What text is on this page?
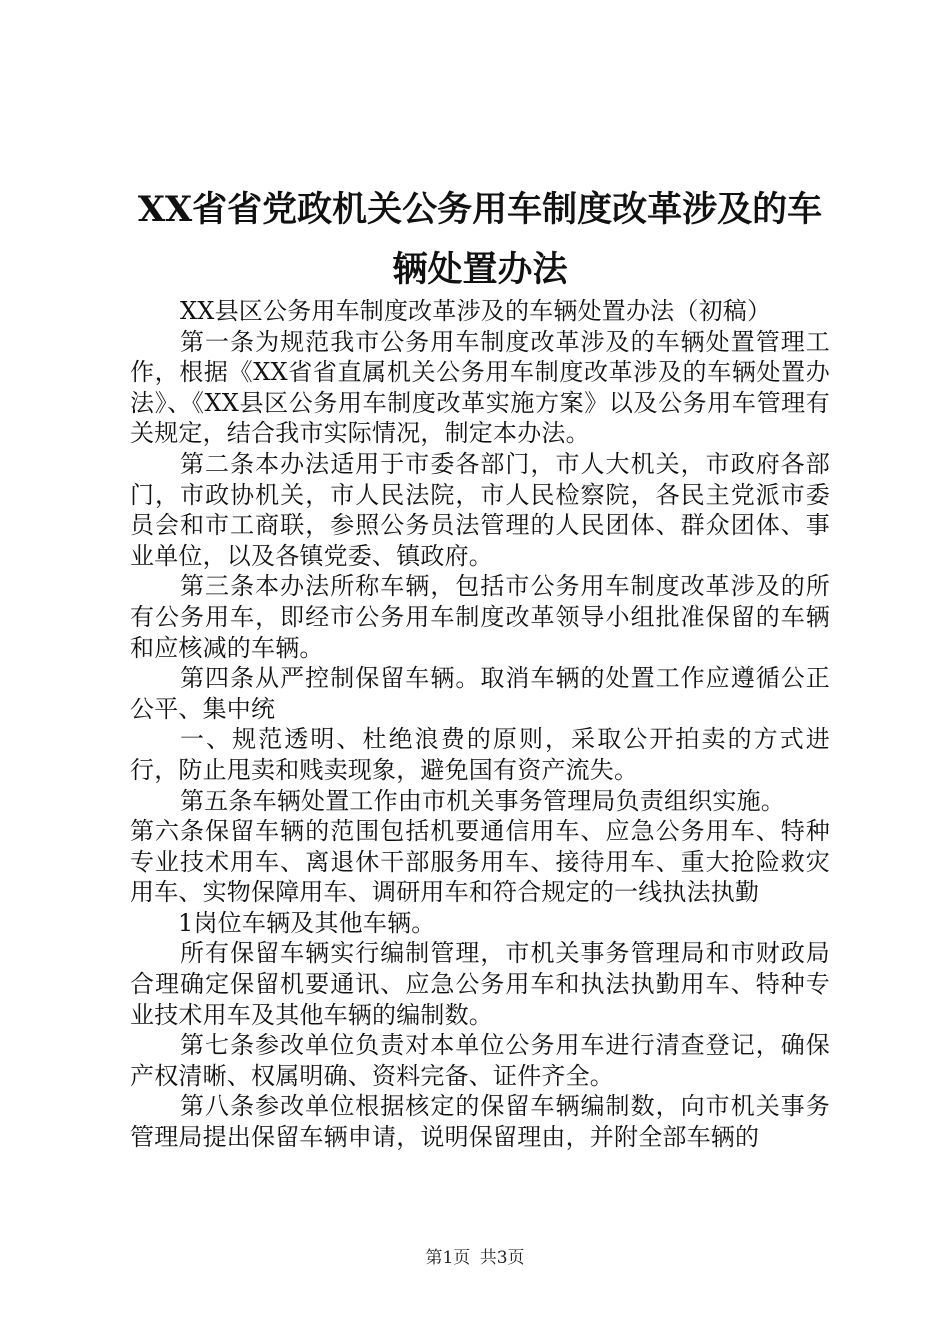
XX省省党政机关公务用车制度改革涉及的车
辆处置办法

XX县区公务用车制度改革涉及的车辆处置办法（初稿）

第一条为规范我市公务用车制度改革涉及的车辆处置管理工作，根据《XX省省直属机关公务用车制度改革涉及的车辆处置办法》、《XX县区公务用车制度改革实施方案》以及公务用车管理有关规定，结合我市实际情况，制定本办法。

第二条本办法适用于市委各部门，市人大机关，市政府各部门，市政协机关，市人民法院，市人民检察院，各民主党派市委员会和市工商联，参照公务员法管理的人民团体、群众团体、事业单位，以及各镇党委、镇政府。

第三条本办法所称车辆，包括市公务用车制度改革涉及的所有公务用车，即经市公务用车制度改革领导小组批准保留的车辆和应核减的车辆。

第四条从严控制保留车辆。取消车辆的处置工作应遵循公正公平、集中统

一、规范透明、杜绝浪费的原则，采取公开拍卖的方式进行，防止甩卖和贱卖现象，避免国有资产流失。

第五条车辆处置工作由市机关事务管理局负责组织实施。

第六条保留车辆的范围包括机要通信用车、应急公务用车、特种专业技术用车、离退休干部服务用车、接待用车、重大抢险救灾用车、实物保障用车、调研用车和符合规定的一线执法执勤

1岗位车辆及其他车辆。

所有保留车辆实行编制管理，市机关事务管理局和市财政局合理确定保留机要通讯、应急公务用车和执法执勤用车、特种专业技术用车及其他车辆的编制数。

第七条参改单位负责对本单位公务用车进行清查登记，确保产权清晰、权属明确、资料完备、证件齐全。

第八条参改单位根据核定的保留车辆编制数，向市机关事务管理局提出保留车辆申请，说明保留理由，并附全部车辆的

第1页 共3页
